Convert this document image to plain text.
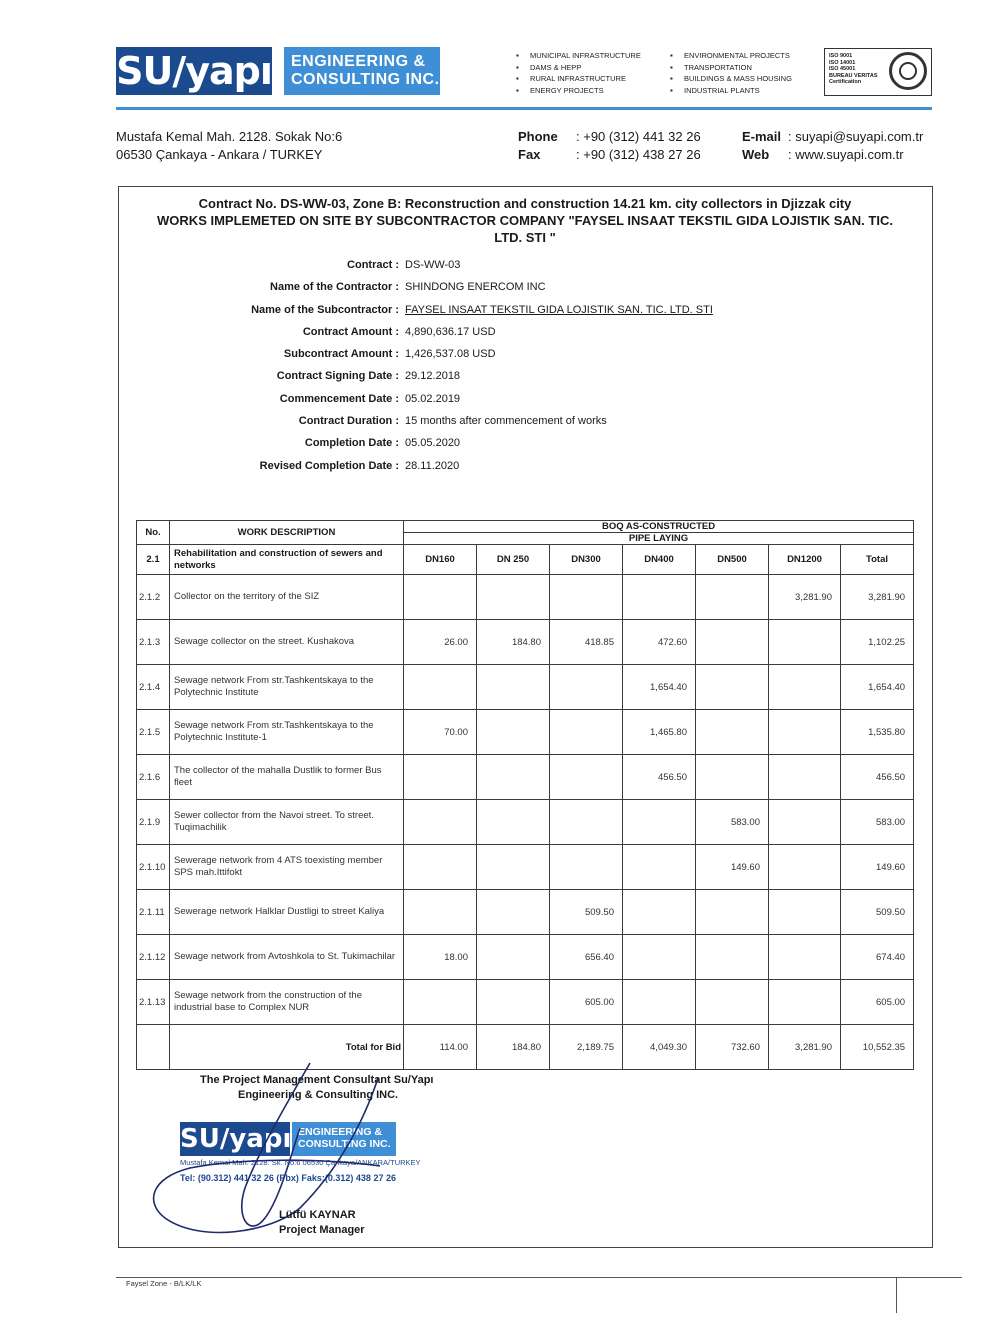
SU/yapı ENGINEERING &
CONSULTING INC.
▪ MUNICIPAL INFRASTRUCTURE
▪ DAMS & HEPP
▪ RURAL INFRASTRUCTURE
▪ ENERGY PROJECTS
▪ ENVIRONMENTAL PROJECTS
▪ TRANSPORTATION
▪ BUILDINGS & MASS HOUSING
▪ INDUSTRIAL PLANTS
ISO 9001
ISO 14001
ISO 45001
BUREAU VERITAS
Certification
Mustafa Kemal Mah. 2128. Sokak No:6
06530 Çankaya - Ankara / TURKEY
Phone : +90 (312) 441 32 26
Fax	: +90 (312) 438 27 26
E-mail : suyapi@suyapi.com.tr
Web : www.suyapi.com.tr
Contract No. DS-WW-03, Zone B: Reconstruction and construction 14.21 km. city collectors in Djizzak city
WORKS IMPLEMETED ON SITE BY SUBCONTRACTOR COMPANY "FAYSEL INSAAT TEKSTIL GIDA LOJISTIK SAN. TIC.
LTD. STI "
Contract : DS-WW-03
Name of the Contractor : SHINDONG ENERCOM INC
Name of the Subcontractor : FAYSEL INSAAT TEKSTIL GIDA LOJISTIK SAN. TIC. LTD. STI
Contract Amount : 4,890,636.17 USD
Subcontract Amount : 1,426,537.08 USD
Contract Signing Date : 29.12.2018
Commencement Date : 05.02.2019
Contract Duration : 15 months after commencement of works
Completion Date : 05.05.2020
Revised Completion Date : 28.11.2020
No.	WORK DESCRIPTION	BOQ AS-CONSTRUCTED						
		PIPE LAYING						
2.1	Rehabilitation and construction of sewers and networks	DN160	DN 250	DN300	DN400	DN500	DN1200	Total
2.1.2	Collector on the territory of the SIZ						3,281.90	3,281.90
2.1.3	Sewage collector on the street. Kushakova	26.00	184.80	418.85	472.60			1,102.25
2.1.4	Sewage network From str.Tashkentskaya to the Polytechnic Institute				1,654.40			1,654.40
2.1.5	Sewage network From str.Tashkentskaya to the Polytechnic Institute-1	70.00			1,465.80			1,535.80
2.1.6	The collector of the mahalla Dustlik to former Bus fleet				456.50			456.50
2.1.9	Sewer collector from the Navoi street. To street. Tuqimachilik					583.00		583.00
2.1.10	Sewerage network from 4 ATS toexisting member SPS mah.Ittifokt					149.60		149.60
2.1.11	Sewerage network Halklar Dustligi to street Kaliya			509.50				509.50
2.1.12	Sewage network from Avtoshkola to St. Tukimachilar	18.00		656.40				674.40
2.1.13	Sewage network from the construction of the industrial base to Complex NUR			605.00				605.00
	Total for Bid	114.00	184.80	2,189.75	4,049.30	732.60	3,281.90	10,552.35
The Project Management Consultant Su/Yapı
Engineering & Consulting INC.
SU/yapı ENGINEERING &
CONSULTING INC.
Mustafa Kemal Mah. 2128. Sk. No:6 06530 Çankaya/ANKARA/TURKEY
Tel: (90.312) 441 32 26 (Pbx) Faks:(0.312) 438 27 26
Lütfü KAYNAR
Project Manager
Faysel Zone - B/LK/LK
